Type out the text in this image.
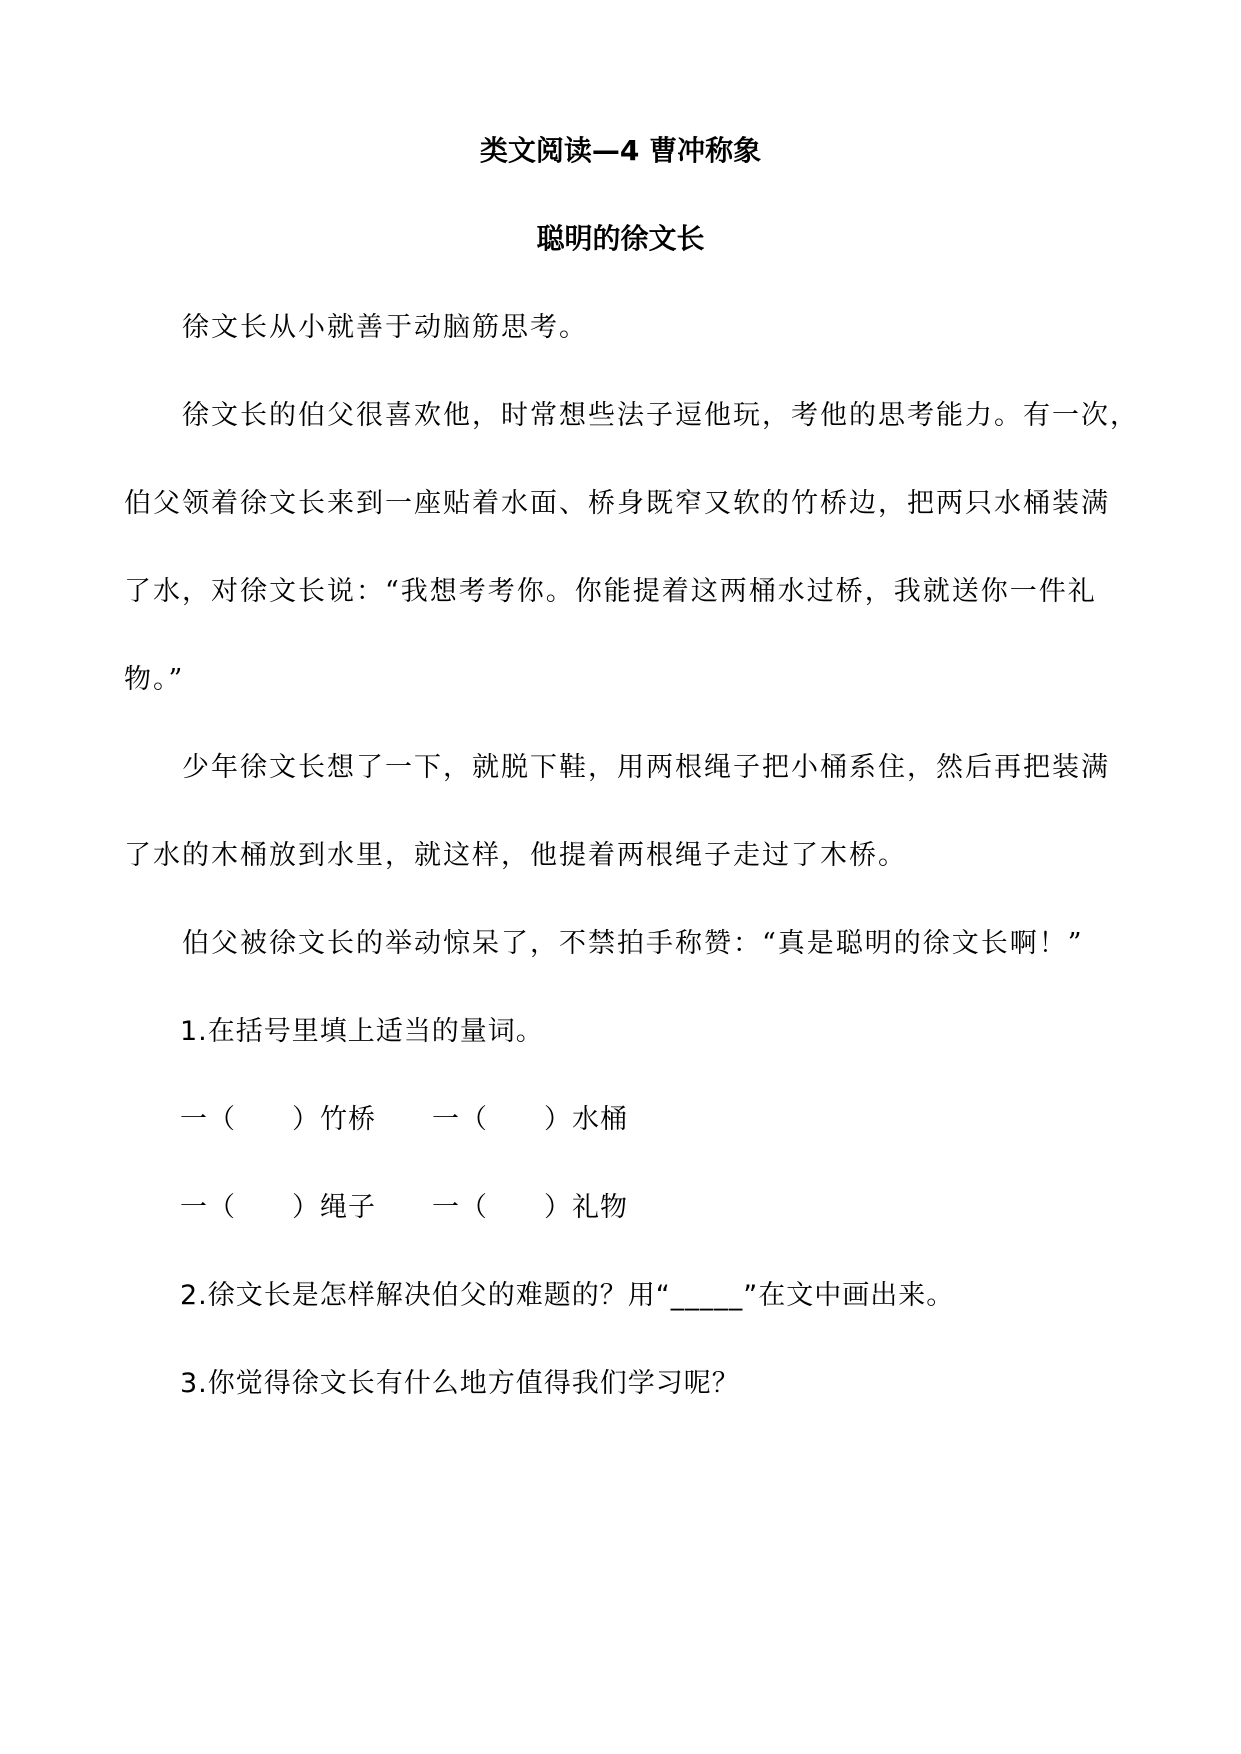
类文阅读—4 曹冲称象
聪明的徐文长

　　徐文长从小就善于动脑筋思考。

　　徐文长的伯父很喜欢他，时常想些法子逗他玩，考他的思考能力。有一次，

伯父领着徐文长来到一座贴着水面、桥身既窄又软的竹桥边，把两只水桶装满

了水，对徐文长说：“我想考考你。你能提着这两桶水过桥，我就送你一件礼

物。”

　　少年徐文长想了一下，就脱下鞋，用两根绳子把小桶系住，然后再把装满

了水的木桶放到水里，就这样，他提着两根绳子走过了木桥。

　　伯父被徐文长的举动惊呆了，不禁拍手称赞：“真是聪明的徐文长啊！”

　　1.在括号里填上适当的量词。

　　一（　　）竹桥　　一（　　）水桶

　　一（　　）绳子　　一（　　）礼物

　　2.徐文长是怎样解决伯父的难题的？用“_____”在文中画出来。

　　3.你觉得徐文长有什么地方值得我们学习呢？
